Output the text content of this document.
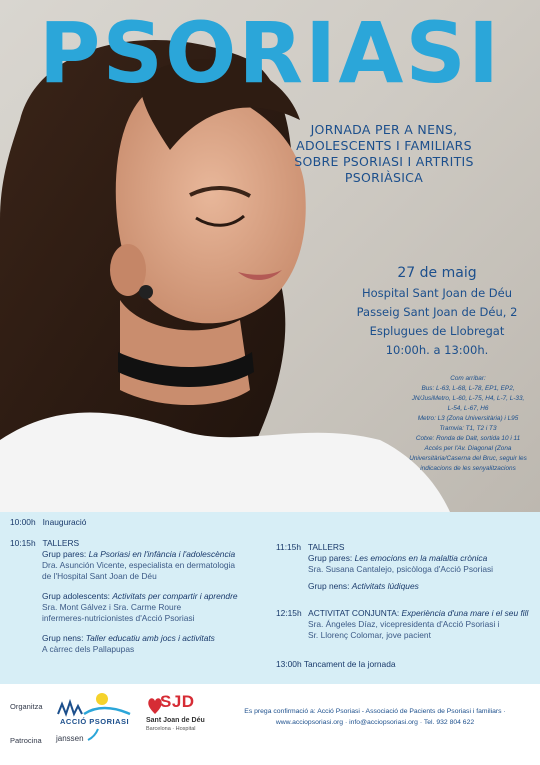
PSORIASI
JORNADA PER A NENS,
ADOLESCENTS I FAMILIARS
SOBRE PSORIASI I ARTRITIS
PSORIÀSICA
27 de maig
Hospital Sant Joan de Déu
Passeig Sant Joan de Déu, 2
Esplugues de Llobregat
10:00h. a 13:00h.
Com arribar:
Bus: L-63, L-68, L-78, EP1, EP2,
JN/JusiMetro, L-60, L-75, H4, L-7, L-33,
L-54, L-67, H6
Metro: L3 (Zona Universitària) i L95
Tramvia: T1, T2 i T3
Cotxe: Ronda de Dalt, sortida 10 i 11
Accés per l'Av. Diagonal (Zona
Universitària/Caserna del Bruc, seguir les
indicacions de les senyalitzacions
10:00h Inauguració
10:15h TALLERS
Grup pares: La Psoriasi en l'infància i l'adolescència
Dra. Asunción Vicente, especialista en dermatologia
de l'Hospital Sant Joan de Déu
Grup adolescents: Activitats per compartir i aprendre
Sra. Mont Gálvez i Sra. Carme Roure
infermeres-nutricionistes d'Acció Psoriasi
Grup nens: Taller educatiu amb jocs i activitats
A càrrec dels Pallapupas
11:15h TALLERS
Grup pares: Les emocions en la malaltia crònica
Sra. Susana Cantalejo, psicòloga d'Acció Psoriasi
Grup nens: Activitats lúdiques
12:15h ACTIVITAT CONJUNTA: Experiència d'una mare i el seu fill
Sra. Ángeles Díaz, vicepresidenta d'Acció Psoriasi i
Sr. Llorenç Colomar, jove pacient
13:00h Tancament de la jornada
Organitza
ACCIÓ PSORIASI
SJD
Sant Joan de Déu
Barcelona · Hospital
Es prega confirmació a: Acció Psoriasi - Associació de Pacients de Psoriasi i familiars ·
www.acciopsoriasi.org · info@acciopsoriasi.org · Tel. 932 804 622
Patrocina janssen
